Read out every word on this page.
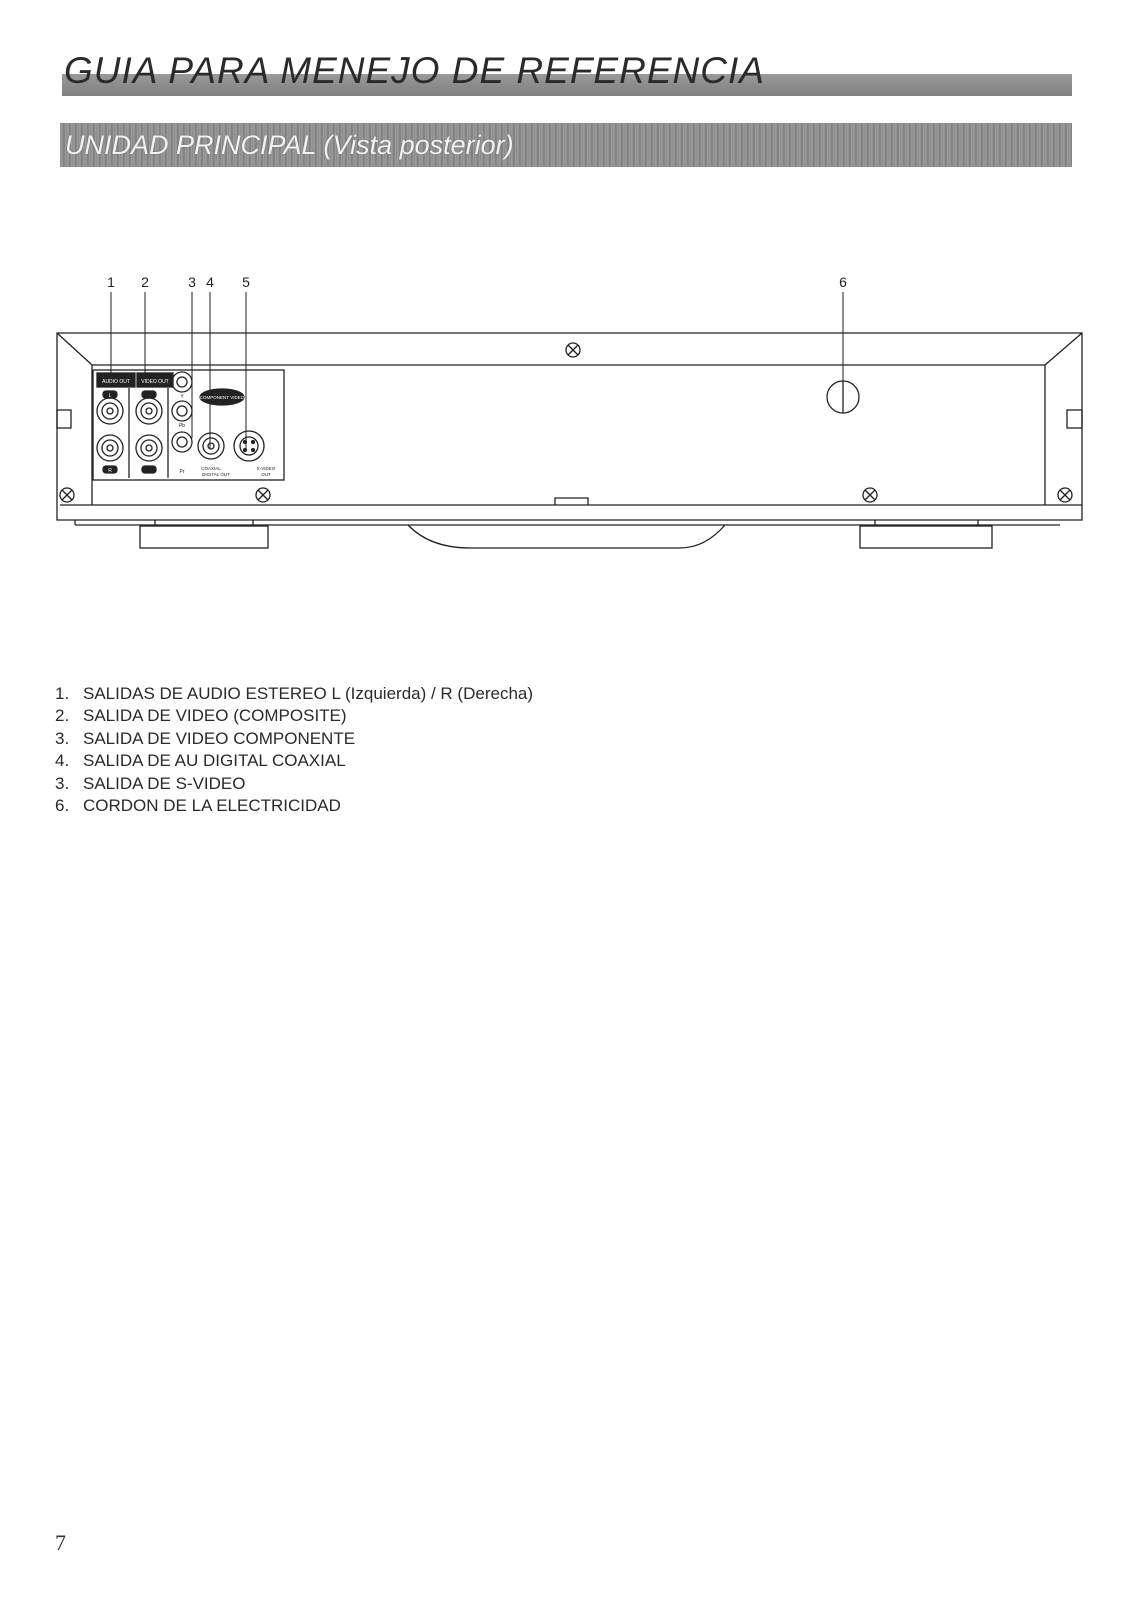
GUIA PARA MENEJO DE REFERENCIA
UNIDAD PRINCIPAL (Vista posterior)
1 2	3 4 5	6
AUDIO OUT VIDEO OUT
R
L	Y
Pb
Pr
COMPONENT VIDEO
COAXIAL
DIGITAL OUT
S-VIDEO
OUT
1. SALIDAS DE AUDIO ESTEREO L (Izquierda) / R (Derecha)
2. SALIDA DE VIDEO (COMPOSITE)
3. SALIDA DE VIDEO COMPONENTE
4. SALIDA DE AU DIGITAL COAXIAL
3. SALIDA DE S-VIDEO
6. CORDON DE LA ELECTRICIDAD

7
